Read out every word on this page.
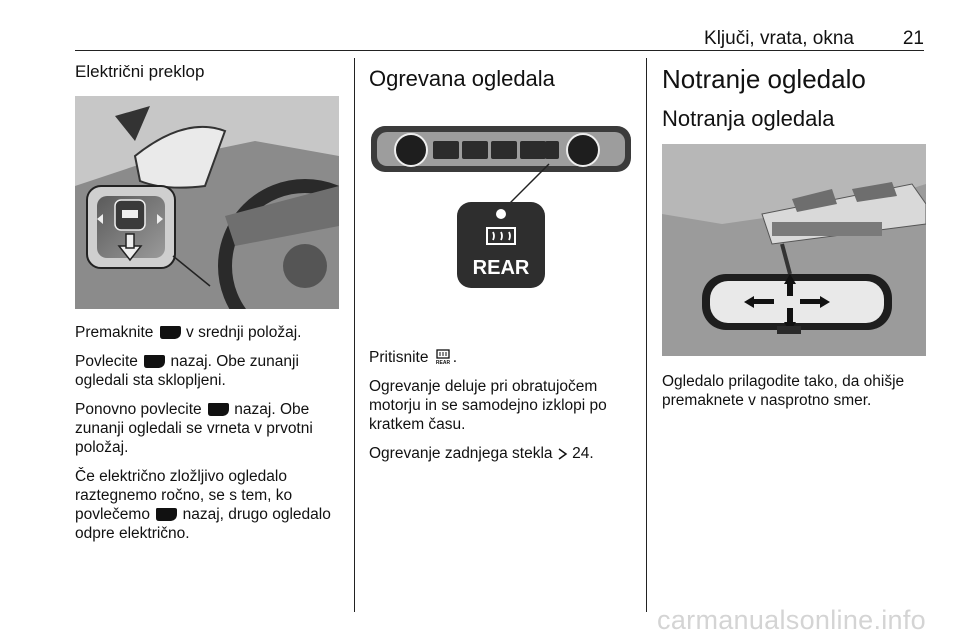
Ključi, vrata, okna	21
Električni preklop

Premaknite  v srednji položaj.

Povlecite  nazaj. Obe zunanji ogledali sta sklopljeni.

Ponovno povlecite  nazaj. Obe zunanji ogledali se vrneta v prvotni položaj.

Če električno zložljivo ogledalo raztegnemo ročno, se s tem, ko povlečemo  nazaj, drugo ogledalo odpre električno.

Ogrevana ogledala
REAR

Pritisnite REAR .

Ogrevanje deluje pri obratujočem motorju in se samodejno izklopi po kratkem času.

Ogrevanje zadnjega stekla 24.

Notranje ogledalo
Notranja ogledala

Ogledalo prilagodite tako, da ohišje premaknete v nasprotno smer.

carmanualsonline.info
